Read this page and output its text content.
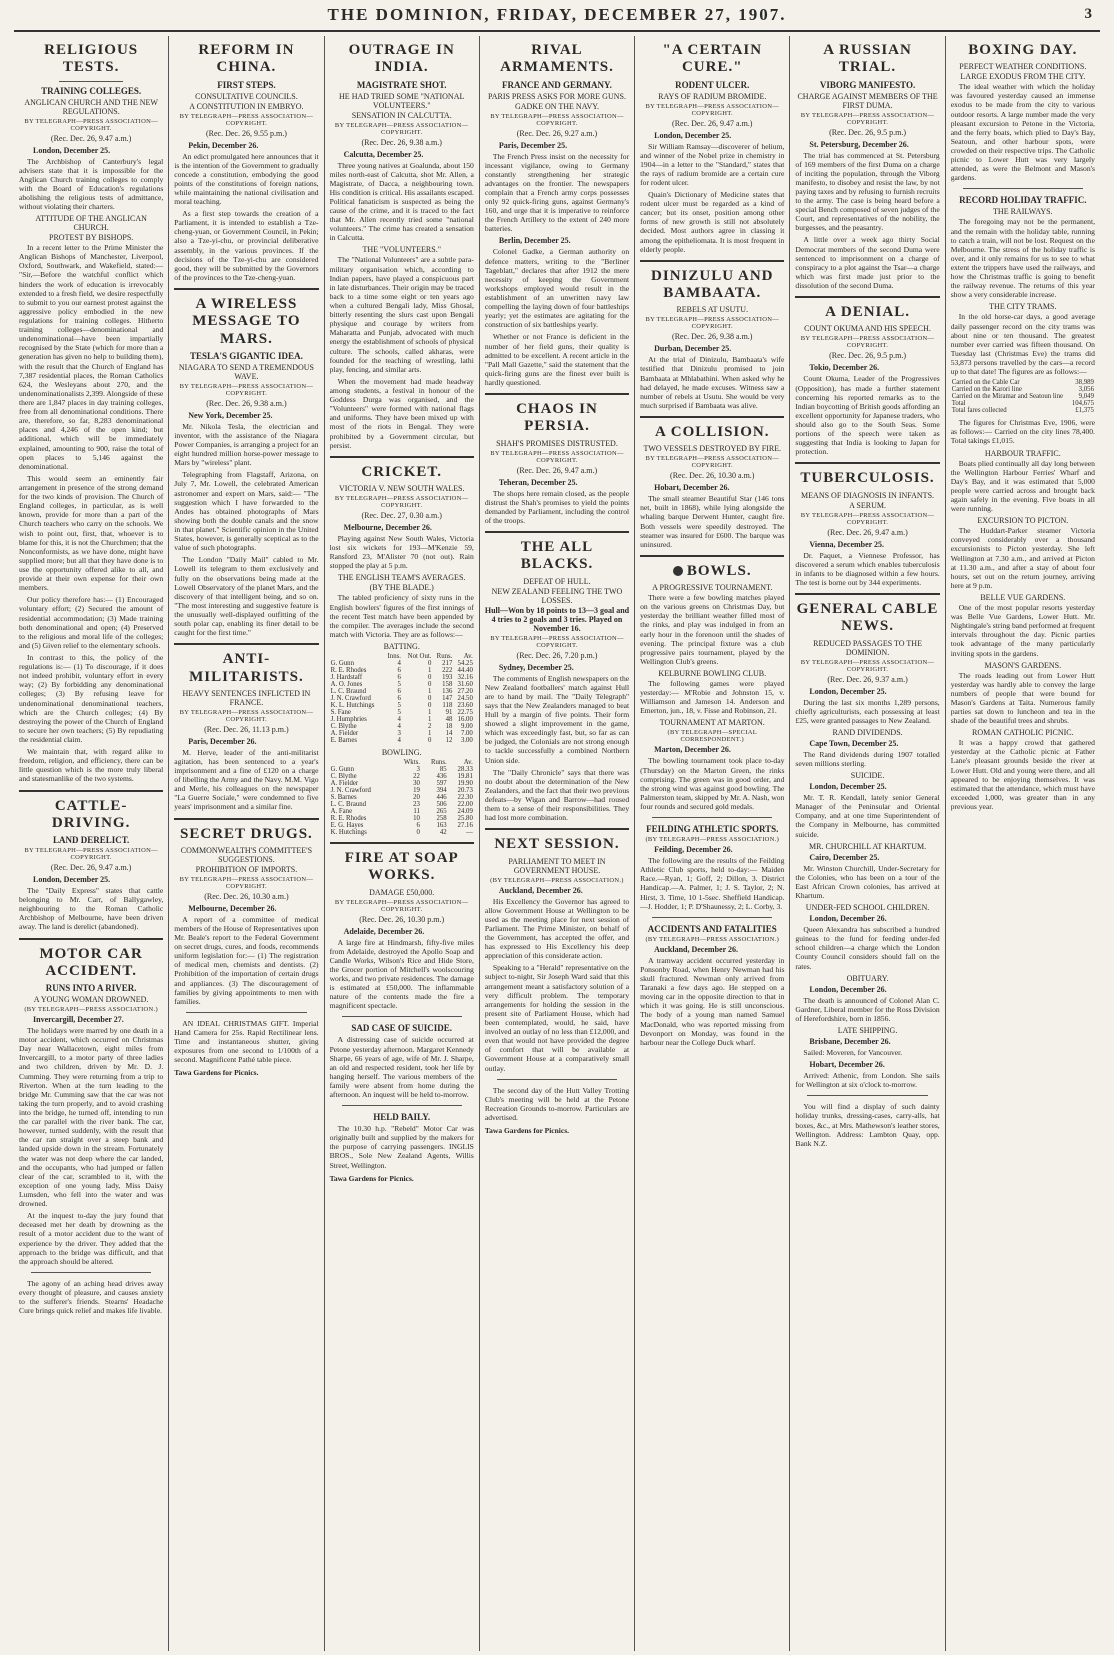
THE DOMINION, FRIDAY, DECEMBER 27, 1907.	3
RELIGIOUS TESTS.
TRAINING COLLEGES.
ANGLICAN CHURCH AND THE NEW REGULATIONS.
BY TELEGRAPH—PRESS ASSOCIATION—COPYRIGHT.
(Rec. Dec. 26, 9.47 a.m.)
London, December 25.

The Archbishop of Canterbury's legal advisers state that it is impossible for the Anglican Church training colleges to comply with the Board of Education's regulations abolishing the religious tests of admittance, without violating their charters.

ATTITUDE OF THE ANGLICAN CHURCH.
PROTEST BY BISHOPS.

In a recent letter to the Prime Minister the Anglican Bishops of Manchester, Liverpool, Oxford, Southwark, and Wakefield, stated:— "Sir,—Before the watchful conflict which hinders the work of education is irrevocably extended to a fresh field, we desire respectfully to submit to you our earnest protest against the aggressive policy embodied in the new regulations for training colleges. Hitherto training colleges—denominational and undenominational—have been impartially recognised by the State (which for more than a generation has given no help to building them), with the result that the Church of England has 7,387 residential places, the Roman Catholics 624, the Wesleyans about 270, and the undenominationalists 2,399. Alongside of these there are 1,847 places in day training colleges, free from all denominational conditions. There are, therefore, so far, 8,283 denominational places and 4,246 of the open kind; but additional, which will be immediately explained, amounting to 900, raise the total of open places to 5,146 against the denominational.

This would seem an eminently fair arrangement in presence of the strong demand for the two kinds of provision. The Church of England colleges, in particular, as is well known, provide for more than a part of the Church teachers who carry on the schools. We wish to point out, first, that, whoever is to blame for this, it is not the Churchmen; that the Nonconformists, as we have done, might have supplied more; but all that they have done is to use the opportunity offered alike to all, and provide at their own expense for their own members.

Our policy therefore has:— (1) Encouraged voluntary effort; (2) Secured the amount of residential accommodation; (3) Made training both denominational and open; (4) Preserved to the religious and moral life of the colleges; and (5) Given relief to the elementary schools.

In contrast to this, the policy of the regulations is:— (1) To discourage, if it does not indeed prohibit, voluntary effort in every way; (2) By forbidding any denominational colleges; (3) By refusing leave for undenominational denominational teachers, which are the Church colleges; (4) By destroying the power of the Church of England to secure her own teachers; (5) By repudiating the residential claim.

We maintain that, with regard alike to freedom, religion, and efficiency, there can be little question which is the more truly liberal and statesmanlike of the two systems.

CATTLE-DRIVING.
LAND DERELICT.
BY TELEGRAPH—PRESS ASSOCIATION—COPYRIGHT.
(Rec. Dec. 26, 9.47 a.m.)
London, December 25.

The "Daily Express" states that cattle belonging to Mr. Carr, of Ballygawley, neighbouring to the Roman Catholic Archbishop of Melbourne, have been driven away. The land is derelict (abandoned).

MOTOR CAR ACCIDENT.
RUNS INTO A RIVER.
A YOUNG WOMAN DROWNED.
(BY TELEGRAPH—PRESS ASSOCIATION.)
Invercargill, December 27.

The holidays were marred by one death in a motor accident, which occurred on Christmas Day near Wallacetown, eight miles from Invercargill, to a motor party of three ladies and two children, driven by Mr. D. J. Cumming. They were returning from a trip to Riverton. When at the turn leading to the bridge Mr. Cumming saw that the car was not taking the turn properly, and to avoid crashing into the bridge, he turned off, intending to run the car parallel with the river bank. The car, however, turned suddenly, with the result that the car ran straight over a steep bank and landed upside down in the stream. Fortunately the water was not deep where the car landed, and the occupants, who had jumped or fallen clear of the car, scrambled to it, with the exception of one young lady, Miss Daisy Lumsden, who fell into the water and was drowned.

At the inquest to-day the jury found that deceased met her death by drowning as the result of a motor accident due to the want of experience by the driver. They added that the approach to the bridge was difficult, and that the approach should be altered.

The agony of an aching head drives away every thought of pleasure, and causes anxiety to the sufferer's friends. Stearns' Headache Cure brings quick relief and makes life livable.

REFORM IN CHINA.
FIRST STEPS.
CONSULTATIVE COUNCILS.
A CONSTITUTION IN EMBRYO.
BY TELEGRAPH—PRESS ASSOCIATION—COPYRIGHT.
(Rec. Dec. 26, 9.55 p.m.)
Pekin, December 26.

An edict promulgated here announces that it is the intention of the Government to gradually concede a constitution, embodying the good points of the constitutions of foreign nations, while maintaining the national civilisation and moral teaching.

As a first step towards the creation of a Parliament, it is intended to establish a Tze-cheng-yuan, or Government Council, in Pekin; also a Tze-yi-chu, or provincial deliberative assembly, in the various provinces. If the decisions of the Tze-yi-chu are considered good, they will be submitted by the Governors of the provinces to the Tze-cheng-yuan.

A WIRELESS MESSAGE TO MARS.
TESLA'S GIGANTIC IDEA.
NIAGARA TO SEND A TREMENDOUS WAVE.
BY TELEGRAPH—PRESS ASSOCIATION—COPYRIGHT.
(Rec. Dec. 26, 9.38 a.m.)
New York, December 25.

Mr. Nikola Tesla, the electrician and inventor, with the assistance of the Niagara Power Companies, is arranging a project for an eight hundred million horse-power message to Mars by "wireless" plant.

Telegraphing from Flagstaff, Arizona, on July 7, Mr. Lowell, the celebrated American astronomer and expert on Mars, said:— "The suggestion which I have forwarded to the Andes has obtained photographs of Mars showing both the double canals and the snow in that planet." Scientific opinion in the United States, however, is generally sceptical as to the value of such photographs.

The London "Daily Mail" cabled to Mr. Lowell its telegram to them exclusively and fully on the observations being made at the Lowell Observatory of the planet Mars, and the discovery of that intelligent being, and so on. "The most interesting and suggestive feature is the unusually well-displayed outfitting of the south polar cap, enabling its finer detail to be caught for the first time."

ANTI-MILITARISTS.
HEAVY SENTENCES INFLICTED IN FRANCE.
BY TELEGRAPH—PRESS ASSOCIATION—COPYRIGHT.
(Rec. Dec. 26, 11.13 p.m.)
Paris, December 26.

M. Herve, leader of the anti-militarist agitation, has been sentenced to a year's imprisonment and a fine of £120 on a charge of libelling the Army and the Navy. M.M. Vigo and Merle, his colleagues on the newspaper "La Guerre Sociale," were condemned to five years' imprisonment and a similar fine.

SECRET DRUGS.
COMMONWEALTH'S COMMITTEE'S SUGGESTIONS.
PROHIBITION OF IMPORTS.
BY TELEGRAPH—PRESS ASSOCIATION—COPYRIGHT.
(Rec. Dec. 26, 10.30 a.m.)
Melbourne, December 26.

A report of a committee of medical members of the House of Representatives upon Mr. Beale's report to the Federal Government on secret drugs, cures, and foods, recommends uniform legislation for:— (1) The registration of medical men, chemists and dentists. (2) Prohibition of the importation of certain drugs and appliances. (3) The discouragement of families by giving appointments to men with families.

AN IDEAL CHRISTMAS GIFT. Imperial Hand Camera for 25s. Rapid Rectilinear lens. Time and instantaneous shutter, giving exposures from one second to 1/100th of a second. Magnificent Pathé table piece.

Tawa Gardens for Picnics.
OUTRAGE IN INDIA.
MAGISTRATE SHOT.
HE HAD TRIED SOME "NATIONAL VOLUNTEERS."
SENSATION IN CALCUTTA.
BY TELEGRAPH—PRESS ASSOCIATION—COPYRIGHT.
(Rec. Dec. 26, 9.38 a.m.)
Calcutta, December 25.

Three young natives at Goalunda, about 150 miles north-east of Calcutta, shot Mr. Allen, a Magistrate, of Dacca, a neighbouring town. His condition is critical. His assailants escaped. Political fanaticism is suspected as being the cause of the crime, and it is traced to the fact that Mr. Allen recently tried some "national volunteers." The crime has created a sensation in Calcutta.

THE "VOLUNTEERS."

The "National Volunteers" are a subtle para-military organisation which, according to Indian papers, have played a conspicuous part in late disturbances. Their origin may be traced back to a time some eight or ten years ago when a cultured Bengali lady, Miss Ghosal, bitterly resenting the slurs cast upon Bengali physique and courage by writers from Maharatta and Punjab, advocated with much energy the establishment of schools of physical culture. The schools, called akharas, were founded for the teaching of wrestling, lathi play, fencing, and similar arts.

When the movement had made headway among students, a festival in honour of the Goddess Durga was organised, and the "Volunteers" were formed with national flags and uniforms. They have been mixed up with most of the riots in Bengal. They were prohibited by a Government circular, but persist.

CRICKET.
VICTORIA V. NEW SOUTH WALES.
BY TELEGRAPH—PRESS ASSOCIATION—COPYRIGHT.
(Rec. Dec. 27, 0.30 a.m.)
Melbourne, December 26.

Playing against New South Wales, Victoria lost six wickets for 193—M'Kenzie 59, Ransford 23, M'Alister 70 (not out). Rain stopped the play at 5 p.m.

THE ENGLISH TEAM'S AVERAGES.
(BY THE BLADE.)

The tabled proficiency of sixty runs in the English bowlers' figures of the first innings of the recent Test match have been appended by the compiler. The averages include the second match with Victoria. They are as follows:—

BATTING.
	Inns.	Not Out.	Runs.	Av.
G. Gunn	4	0	217	54.25
R. E. Rhodes	6	1	222	44.40
J. Hardstaff	6	0	193	32.16
A. O. Jones	5	0	158	31.60
L. C. Braund	6	1	136	27.20
J. N. Crawford	6	0	147	24.50
K. L. Hutchings	5	0	118	23.60
S. Fane	5	1	91	22.75
J. Humphries	4	1	48	16.00
C. Blythe	4	2	18	9.00
A. Fielder	3	1	14	7.00
E. Barnes	4	0	12	3.00
BOWLING.
	Wkts.	Runs.	Av.
G. Gunn	3	85	28.33
C. Blythe	22	436	19.81
A. Fielder	30	597	19.90
J. N. Crawford	19	394	20.73
S. Barnes	20	446	22.30
L. C. Braund	23	506	22.00
A. Fane	11	265	24.09
R. E. Rhodes	10	258	25.80
E. G. Hayes	6	163	27.16
K. Hutchings	0	42	—
FIRE AT SOAP WORKS.
DAMAGE £50,000.
BY TELEGRAPH—PRESS ASSOCIATION—COPYRIGHT.
(Rec. Dec. 26, 10.30 p.m.)
Adelaide, December 26.

A large fire at Hindmarsh, fifty-five miles from Adelaide, destroyed the Apollo Soap and Candle Works, Wilson's Rice and Hide Store, the Grocer portion of Mitchell's woolscouring works, and two private residences. The damage is estimated at £50,000. The inflammable nature of the contents made the fire a magnificent spectacle.

SAD CASE OF SUICIDE.

A distressing case of suicide occurred at Petone yesterday afternoon. Margaret Kennedy Sharpe, 66 years of age, wife of Mr. J. Sharpe, an old and respected resident, took her life by hanging herself. The various members of the family were absent from home during the afternoon. An inquest will be held to-morrow.

HELD BAILY.

The 10.30 h.p. "Rebeld" Motor Car was originally built and supplied by the makers for the purpose of carrying passengers. INGLIS BROS., Sole New Zealand Agents, Willis Street, Wellington.

Tawa Gardens for Picnics.
RIVAL ARMAMENTS.
FRANCE AND GERMANY.
PARIS PRESS ASKS FOR MORE GUNS.
GADKE ON THE NAVY.
BY TELEGRAPH—PRESS ASSOCIATION—COPYRIGHT.
(Rec. Dec. 26, 9.27 a.m.)
Paris, December 25.

The French Press insist on the necessity for incessant vigilance, owing to Germany constantly strengthening her strategic advantages on the frontier. The newspapers complain that a French army corps possesses only 92 quick-firing guns, against Germany's 160, and urge that it is imperative to reinforce the French Artillery to the extent of 240 more batteries.

Berlin, December 25.

Colonel Gadke, a German authority on defence matters, writing to the "Berliner Tageblatt," declares that after 1912 the mere necessity of keeping the Government workshops employed would result in the establishment of an unwritten navy law compelling the laying down of four battleships yearly; yet the estimates are agitating for the construction of six battleships yearly.

Whether or not France is deficient in the number of her field guns, their quality is admitted to be excellent. A recent article in the "Pall Mall Gazette," said the statement that the quick-firing guns are the finest ever built is hardly questioned.

CHAOS IN PERSIA.
SHAH'S PROMISES DISTRUSTED.
BY TELEGRAPH—PRESS ASSOCIATION—COPYRIGHT.
(Rec. Dec. 26, 9.47 a.m.)
Teheran, December 25.

The shops here remain closed, as the people distrust the Shah's promises to yield the points demanded by Parliament, including the control of the troops.

THE ALL BLACKS.
DEFEAT OF HULL.
NEW ZEALAND FEELING THE TWO LOSSES.
Hull—Won by 18 points to 13—3 goal and 4 tries to 2 goals and 3 tries. Played on November 16.
BY TELEGRAPH—PRESS ASSOCIATION—COPYRIGHT.
(Rec. Dec. 26, 7.20 p.m.)
Sydney, December 25.

The comments of English newspapers on the New Zealand footballers' match against Hull are to hand by mail. The "Daily Telegraph" says that the New Zealanders managed to beat Hull by a margin of five points. Their form showed a slight improvement in the game, which was exceedingly fast, but, so far as can be judged, the Colonials are not strong enough to tackle successfully a combined Northern Union side.

The "Daily Chronicle" says that there was no doubt about the determination of the New Zealanders, and the fact that their two previous defeats—by Wigan and Barrow—had roused them to a sense of their responsibilities. They had lost more combination.

NEXT SESSION.
PARLIAMENT TO MEET IN GOVERNMENT HOUSE.
(BY TELEGRAPH—PRESS ASSOCIATION.)
Auckland, December 26.

His Excellency the Governor has agreed to allow Government House at Wellington to be used as the meeting place for next session of Parliament. The Prime Minister, on behalf of the Government, has accepted the offer, and has expressed to His Excellency his deep appreciation of this considerate action.

Speaking to a "Herald" representative on the subject to-night, Sir Joseph Ward said that this arrangement meant a satisfactory solution of a very difficult problem. The temporary arrangements for holding the session in the present site of Parliament House, which had been contemplated, would, he said, have involved an outlay of no less than £12,000, and even that would not have provided the degree of comfort that will be available at Government House at a comparatively small outlay.

The second day of the Hutt Valley Trotting Club's meeting will be held at the Petone Recreation Grounds to-morrow. Particulars are advertised.

Tawa Gardens for Picnics.
"A CERTAIN CURE."
RODENT ULCER.
RAYS OF RADIUM BROMIDE.
BY TELEGRAPH—PRESS ASSOCIATION—COPYRIGHT.
(Rec. Dec. 26, 9.47 a.m.)
London, December 25.

Sir William Ramsay—discoverer of helium, and winner of the Nobel prize in chemistry in 1904—in a letter to the "Standard," states that the rays of radium bromide are a certain cure for rodent ulcer.

Quain's Dictionary of Medicine states that rodent ulcer must be regarded as a kind of cancer; but its onset, position among other forms of new growth is still not absolutely decided. Most authors agree in classing it among the epitheliomata. It is most frequent in elderly people.

DINIZULU AND BAMBAATA.
REBELS AT USUTU.
BY TELEGRAPH—PRESS ASSOCIATION—COPYRIGHT.
(Rec. Dec. 26, 9.38 a.m.)
Durban, December 25.

At the trial of Dinizulu, Bambaata's wife testified that Dinizulu promised to join Bambaata at Mhlabathini. When asked why he had delayed, he made excuses. Witness saw a number of rebels at Usutu. She would be very much surprised if Bambaata was alive.

A COLLISION.
TWO VESSELS DESTROYED BY FIRE.
BY TELEGRAPH—PRESS ASSOCIATION—COPYRIGHT.
(Rec. Dec. 26, 10.30 a.m.)
Hobart, December 26.

The small steamer Beautiful Star (146 tons net, built in 1868), while lying alongside the whaling barque Derwent Hunter, caught fire. Both vessels were speedily destroyed. The steamer was insured for £600. The barque was uninsured.

BOWLS.
A PROGRESSIVE TOURNAMENT.

There were a few bowling matches played on the various greens on Christmas Day, but yesterday the brilliant weather filled most of the rinks, and play was indulged in from an early hour in the forenoon until the shades of evening. The principal fixture was a club progressive pairs tournament, played by the Wellington Club's greens.

KELBURNE BOWLING CLUB.

The following games were played yesterday:— M'Robie and Johnston 15, v. Williamson and Jameson 14. Anderson and Emerton, jun., 18, v. Fisse and Robinson, 21.

TOURNAMENT AT MARTON.
(BY TELEGRAPH—SPECIAL CORRESPONDENT.)
Marton, December 26.

The bowling tournament took place to-day (Thursday) on the Marton Green, the rinks comprising. The green was in good order, and the strong wind was against good bowling. The Palmerston team, skipped by Mr. A. Nash, won four rounds and secured gold medals.

FEILDING ATHLETIC SPORTS.
(BY TELEGRAPH—PRESS ASSOCIATION.)
Feilding, December 26.

The following are the results of the Feilding Athletic Club sports, held to-day:— Maiden Race.—Ryan, 1; Goff, 2; Dillon, 3. District Handicap.—A. Palmer, 1; J. S. Taylor, 2; N. Hirst, 3. Time, 10 1-5sec. Sheffield Handicap.—J. Hodder, 1; P. D'Shaunessy, 2; L. Corby, 3.

ACCIDENTS AND FATALITIES
(BY TELEGRAPH—PRESS ASSOCIATION.)
Auckland, December 26.

A tramway accident occurred yesterday in Ponsonby Road, when Henry Newman had his skull fractured. Newman only arrived from Taranaki a few days ago. He stepped on a moving car in the opposite direction to that in which it was going. He is still unconscious. The body of a young man named Samuel MacDonald, who was reported missing from Devonport on Monday, was found in the harbour near the College Duck wharf.

A RUSSIAN TRIAL.
VIBORG MANIFESTO.
CHARGE AGAINST MEMBERS OF THE FIRST DUMA.
BY TELEGRAPH—PRESS ASSOCIATION—COPYRIGHT.
(Rec. Dec. 26, 9.5 p.m.)
St. Petersburg, December 26.

The trial has commenced at St. Petersburg of 169 members of the first Duma on a charge of inciting the population, through the Viborg manifesto, to disobey and resist the law, by not paying taxes and by refusing to furnish recruits to the army. The case is being heard before a special Bench composed of seven judges of the Court, and representatives of the nobility, the burgesses, and the peasantry.

A little over a week ago thirty Social Democrat members of the second Duma were sentenced to imprisonment on a charge of conspiracy to a plot against the Tsar—a charge which was first made just prior to the dissolution of the second Duma.

A DENIAL.
COUNT OKUMA AND HIS SPEECH.
BY TELEGRAPH—PRESS ASSOCIATION—COPYRIGHT.
(Rec. Dec. 26, 9.5 p.m.)
Tokio, December 26.

Count Okuma, Leader of the Progressives (Opposition), has made a further statement concerning his reported remarks as to the Indian boycotting of British goods affording an excellent opportunity for Japanese traders, who should also go to the South Seas. Some portions of the speech were taken as suggesting that India is looking to Japan for protection.

TUBERCULOSIS.
MEANS OF DIAGNOSIS IN INFANTS.
A SERUM.
BY TELEGRAPH—PRESS ASSOCIATION—COPYRIGHT.
(Rec. Dec. 26, 9.47 a.m.)
Vienna, December 25.

Dr. Paquet, a Viennese Professor, has discovered a serum which enables tuberculosis in infants to be diagnosed within a few hours. The test is borne out by 344 experiments.

GENERAL CABLE NEWS.
REDUCED PASSAGES TO THE DOMINION.
BY TELEGRAPH—PRESS ASSOCIATION—COPYRIGHT.
(Rec. Dec. 26, 9.37 a.m.)
London, December 25.

During the last six months 1,289 persons, chiefly agriculturists, each possessing at least £25, were granted passages to New Zealand.

RAND DIVIDENDS.
Cape Town, December 25.

The Rand dividends during 1907 totalled seven millions sterling.

SUICIDE.
London, December 25.

Mr. T. R. Kendall, lately senior General Manager of the Peninsular and Oriental Company, and at one time Superintendent of the Company in Melbourne, has committed suicide.

MR. CHURCHILL AT KHARTUM.
Cairo, December 25.

Mr. Winston Churchill, Under-Secretary for the Colonies, who has been on a tour of the East African Crown colonies, has arrived at Khartum.

UNDER-FED SCHOOL CHILDREN.
London, December 26.

Queen Alexandra has subscribed a hundred guineas to the fund for feeding under-fed school children—a charge which the London County Council considers should fall on the rates.

OBITUARY.
London, December 26.

The death is announced of Colonel Alan C. Gardner, Liberal member for the Ross Division of Herefordshire, born in 1856.

LATE SHIPPING.
Brisbane, December 26.

Sailed: Moveren, for Vancouver.

Hobart, December 26.

Arrived: Athenic, from London. She sails for Wellington at six o'clock to-morrow.

You will find a display of such dainty holiday trunks, dressing-cases, carry-alls, hat boxes, &c., at Mrs. Mathewson's leather stores, Wellington. Address: Lambton Quay, opp. Bank N.Z.

BOXING DAY.
PERFECT WEATHER CONDITIONS.
LARGE EXODUS FROM THE CITY.

The ideal weather with which the holiday was favoured yesterday caused an immense exodus to be made from the city to various outdoor resorts. A large number made the very pleasant excursion to Petone in the Victoria, and the ferry boats, which plied to Day's Bay, Seatoun, and other harbour spots, were crowded on their respective trips. The Catholic picnic to Lower Hutt was very largely attended, as were the Belmont and Mason's gardens.

RECORD HOLIDAY TRAFFIC.
THE RAILWAYS.

The foregoing may not be the permanent, and the remain with the holiday table, running to catch a train, will not be lost. Request on the Melbourne. The stress of the holiday traffic is over, and it only remains for us to see to what extent the trippers have used the railways, and how the Christmas traffic is going to benefit the railway revenue. The returns of this year show a very considerable increase.

THE CITY TRAMS.

In the old horse-car days, a good average daily passenger record on the city trams was about nine or ten thousand. The greatest number ever carried was fifteen thousand. On Tuesday last (Christmas Eve) the trams did 53,873 persons travelled by the cars—a record up to that date! The figures are as follows:—

Carried on the Cable Car	38,989
Carried on the Karori line	3,056
Carried on the Miramar and Seatoun line	9,049
Total	104,675
Total fares collected	£1,375

The figures for Christmas Eve, 1906, were as follows:— Carried on the city lines 78,400. Total takings £1,015.

HARBOUR TRAFFIC.

Boats plied continually all day long between the Wellington Harbour Ferries' Wharf and Day's Bay, and it was estimated that 5,000 people were carried across and brought back again safely in the evening. Five boats in all were running.

EXCURSION TO PICTON.

The Huddart-Parker steamer Victoria conveyed considerably over a thousand excursionists to Picton yesterday. She left Wellington at 7.30 a.m., and arrived at Picton at 11.30 a.m., and after a stay of about four hours, set out on the return journey, arriving here at 9 p.m.

BELLE VUE GARDENS.

One of the most popular resorts yesterday was Belle Vue Gardens, Lower Hutt. Mr. Nightingale's string band performed at frequent intervals throughout the day. Picnic parties took advantage of the many particularly inviting spots in the gardens.

MASON'S GARDENS.

The roads leading out from Lower Hutt yesterday was hardly able to convey the large numbers of people that were bound for Mason's Gardens at Taita. Numerous family parties sat down to luncheon and tea in the shade of the beautiful trees and shrubs.

ROMAN CATHOLIC PICNIC.

It was a happy crowd that gathered yesterday at the Catholic picnic at Father Lane's pleasant grounds beside the river at Lower Hutt. Old and young were there, and all appeared to be enjoying themselves. It was estimated that the attendance, which must have exceeded 1,000, was greater than in any previous year.
